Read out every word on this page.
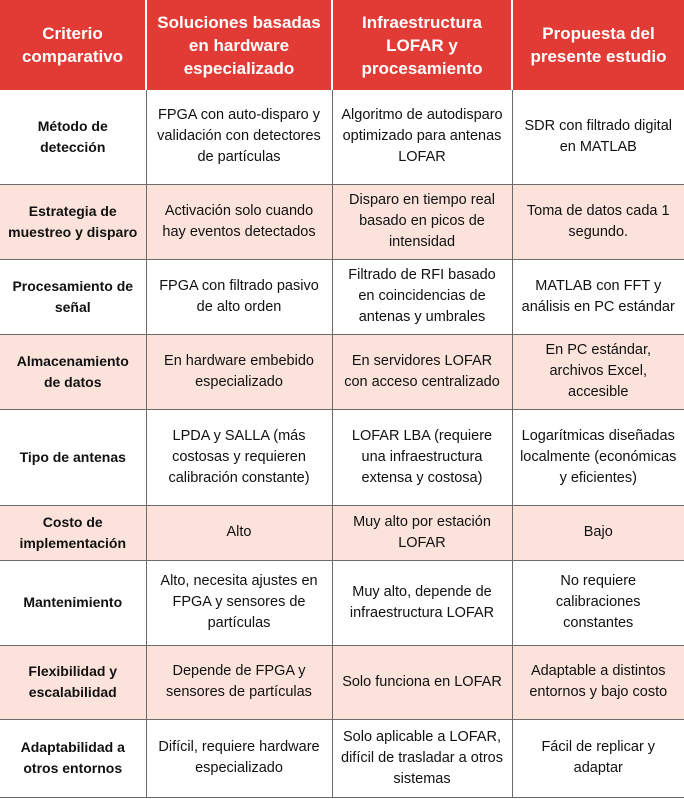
Criterio comparativo	Soluciones basadas en hardware especializado	Infraestructura LOFAR y procesamiento	Propuesta del presente estudio
Método de detección	FPGA con auto-disparo y validación con detectores de partículas	Algoritmo de autodisparo optimizado para antenas LOFAR	SDR con filtrado digital en MATLAB
Estrategia de muestreo y disparo	Activación solo cuando hay eventos detectados	Disparo en tiempo real basado en picos de intensidad	Toma de datos cada 1 segundo.
Procesamiento de señal	FPGA con filtrado pasivo de alto orden	Filtrado de RFI basado en coincidencias de antenas y umbrales	MATLAB con FFT y análisis en PC estándar
Almacenamiento de datos	En hardware embebido especializado	En servidores LOFAR con acceso centralizado	En PC estándar, archivos Excel, accesible
Tipo de antenas	LPDA y SALLA (más costosas y requieren calibración constante)	LOFAR LBA (requiere una infraestructura extensa y costosa)	Logarítmicas diseñadas localmente (económicas y eficientes)
Costo de implementación	Alto	Muy alto por estación LOFAR	Bajo
Mantenimiento	Alto, necesita ajustes en FPGA y sensores de partículas	Muy alto, depende de infraestructura LOFAR	No requiere calibraciones constantes
Flexibilidad y escalabilidad	Depende de FPGA y sensores de partículas	Solo funciona en LOFAR	Adaptable a distintos entornos y bajo costo
Adaptabilidad a otros entornos	Difícil, requiere hardware especializado	Solo aplicable a LOFAR, difícil de trasladar a otros sistemas	Fácil de replicar y adaptar
